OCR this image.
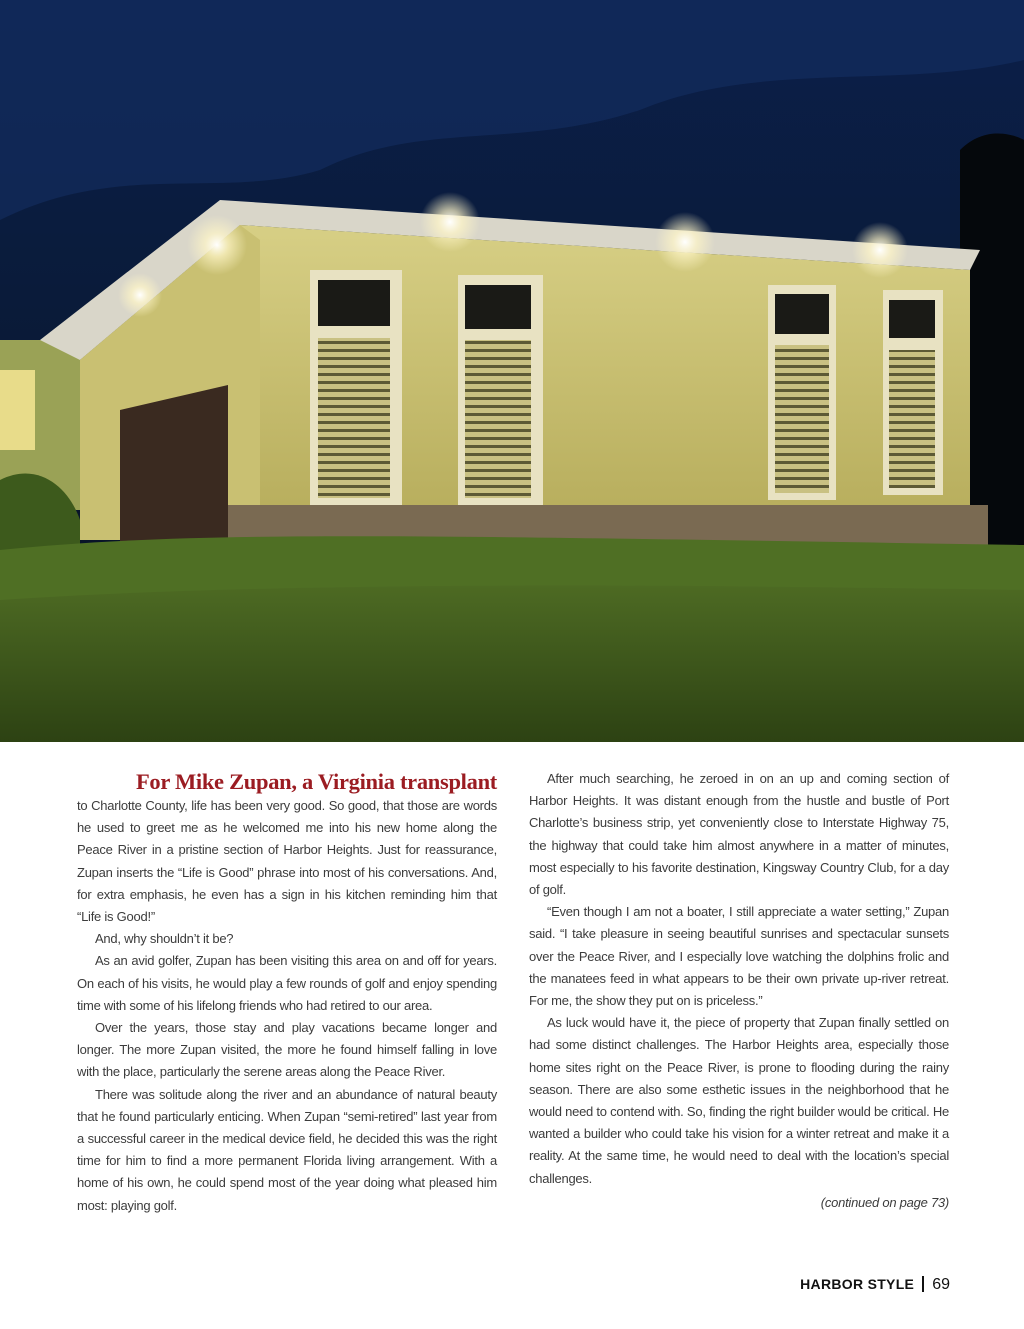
For Mike Zupan, a Virginia transplant

to Charlotte County, life has been very good. So good, that those are words he used to greet me as he welcomed me into his new home along the Peace River in a pristine section of Harbor Heights. Just for reassurance, Zupan inserts the “Life is Good” phrase into most of his conversations. And, for extra emphasis, he even has a sign in his kitchen reminding him that “Life is Good!”

And, why shouldn’t it be?

As an avid golfer, Zupan has been visiting this area on and off for years. On each of his visits, he would play a few rounds of golf and enjoy spending time with some of his lifelong friends who had retired to our area.

Over the years, those stay and play vacations became longer and longer. The more Zupan visited, the more he found himself falling in love with the place, particularly the serene areas along the Peace River.

There was solitude along the river and an abundance of natural beauty that he found particularly enticing. When Zupan “semi-retired” last year from a successful career in the medical device field, he decided this was the right time for him to find a more permanent Florida living arrangement. With a home of his own, he could spend most of the year doing what pleased him most: playing golf.

After much searching, he zeroed in on an up and coming section of Harbor Heights. It was distant enough from the hustle and bustle of Port Charlotte’s business strip, yet conveniently close to Interstate Highway 75, the highway that could take him almost anywhere in a matter of minutes, most especially to his favorite destination, Kingsway Country Club, for a day of golf.

“Even though I am not a boater, I still appreciate a water setting,” Zupan said. “I take pleasure in seeing beautiful sunrises and spectacular sunsets over the Peace River, and I especially love watching the dolphins frolic and the manatees feed in what appears to be their own private up-river retreat. For me, the show they put on is priceless.”

As luck would have it, the piece of property that Zupan finally settled on had some distinct challenges. The Harbor Heights area, especially those home sites right on the Peace River, is prone to flooding during the rainy season. There are also some esthetic issues in the neighborhood that he would need to contend with. So, finding the right builder would be critical. He wanted a builder who could take his vision for a winter retreat and make it a reality. At the same time, he would need to deal with the location’s special challenges.

(continued on page 73)
HARBOR STYLE 69
